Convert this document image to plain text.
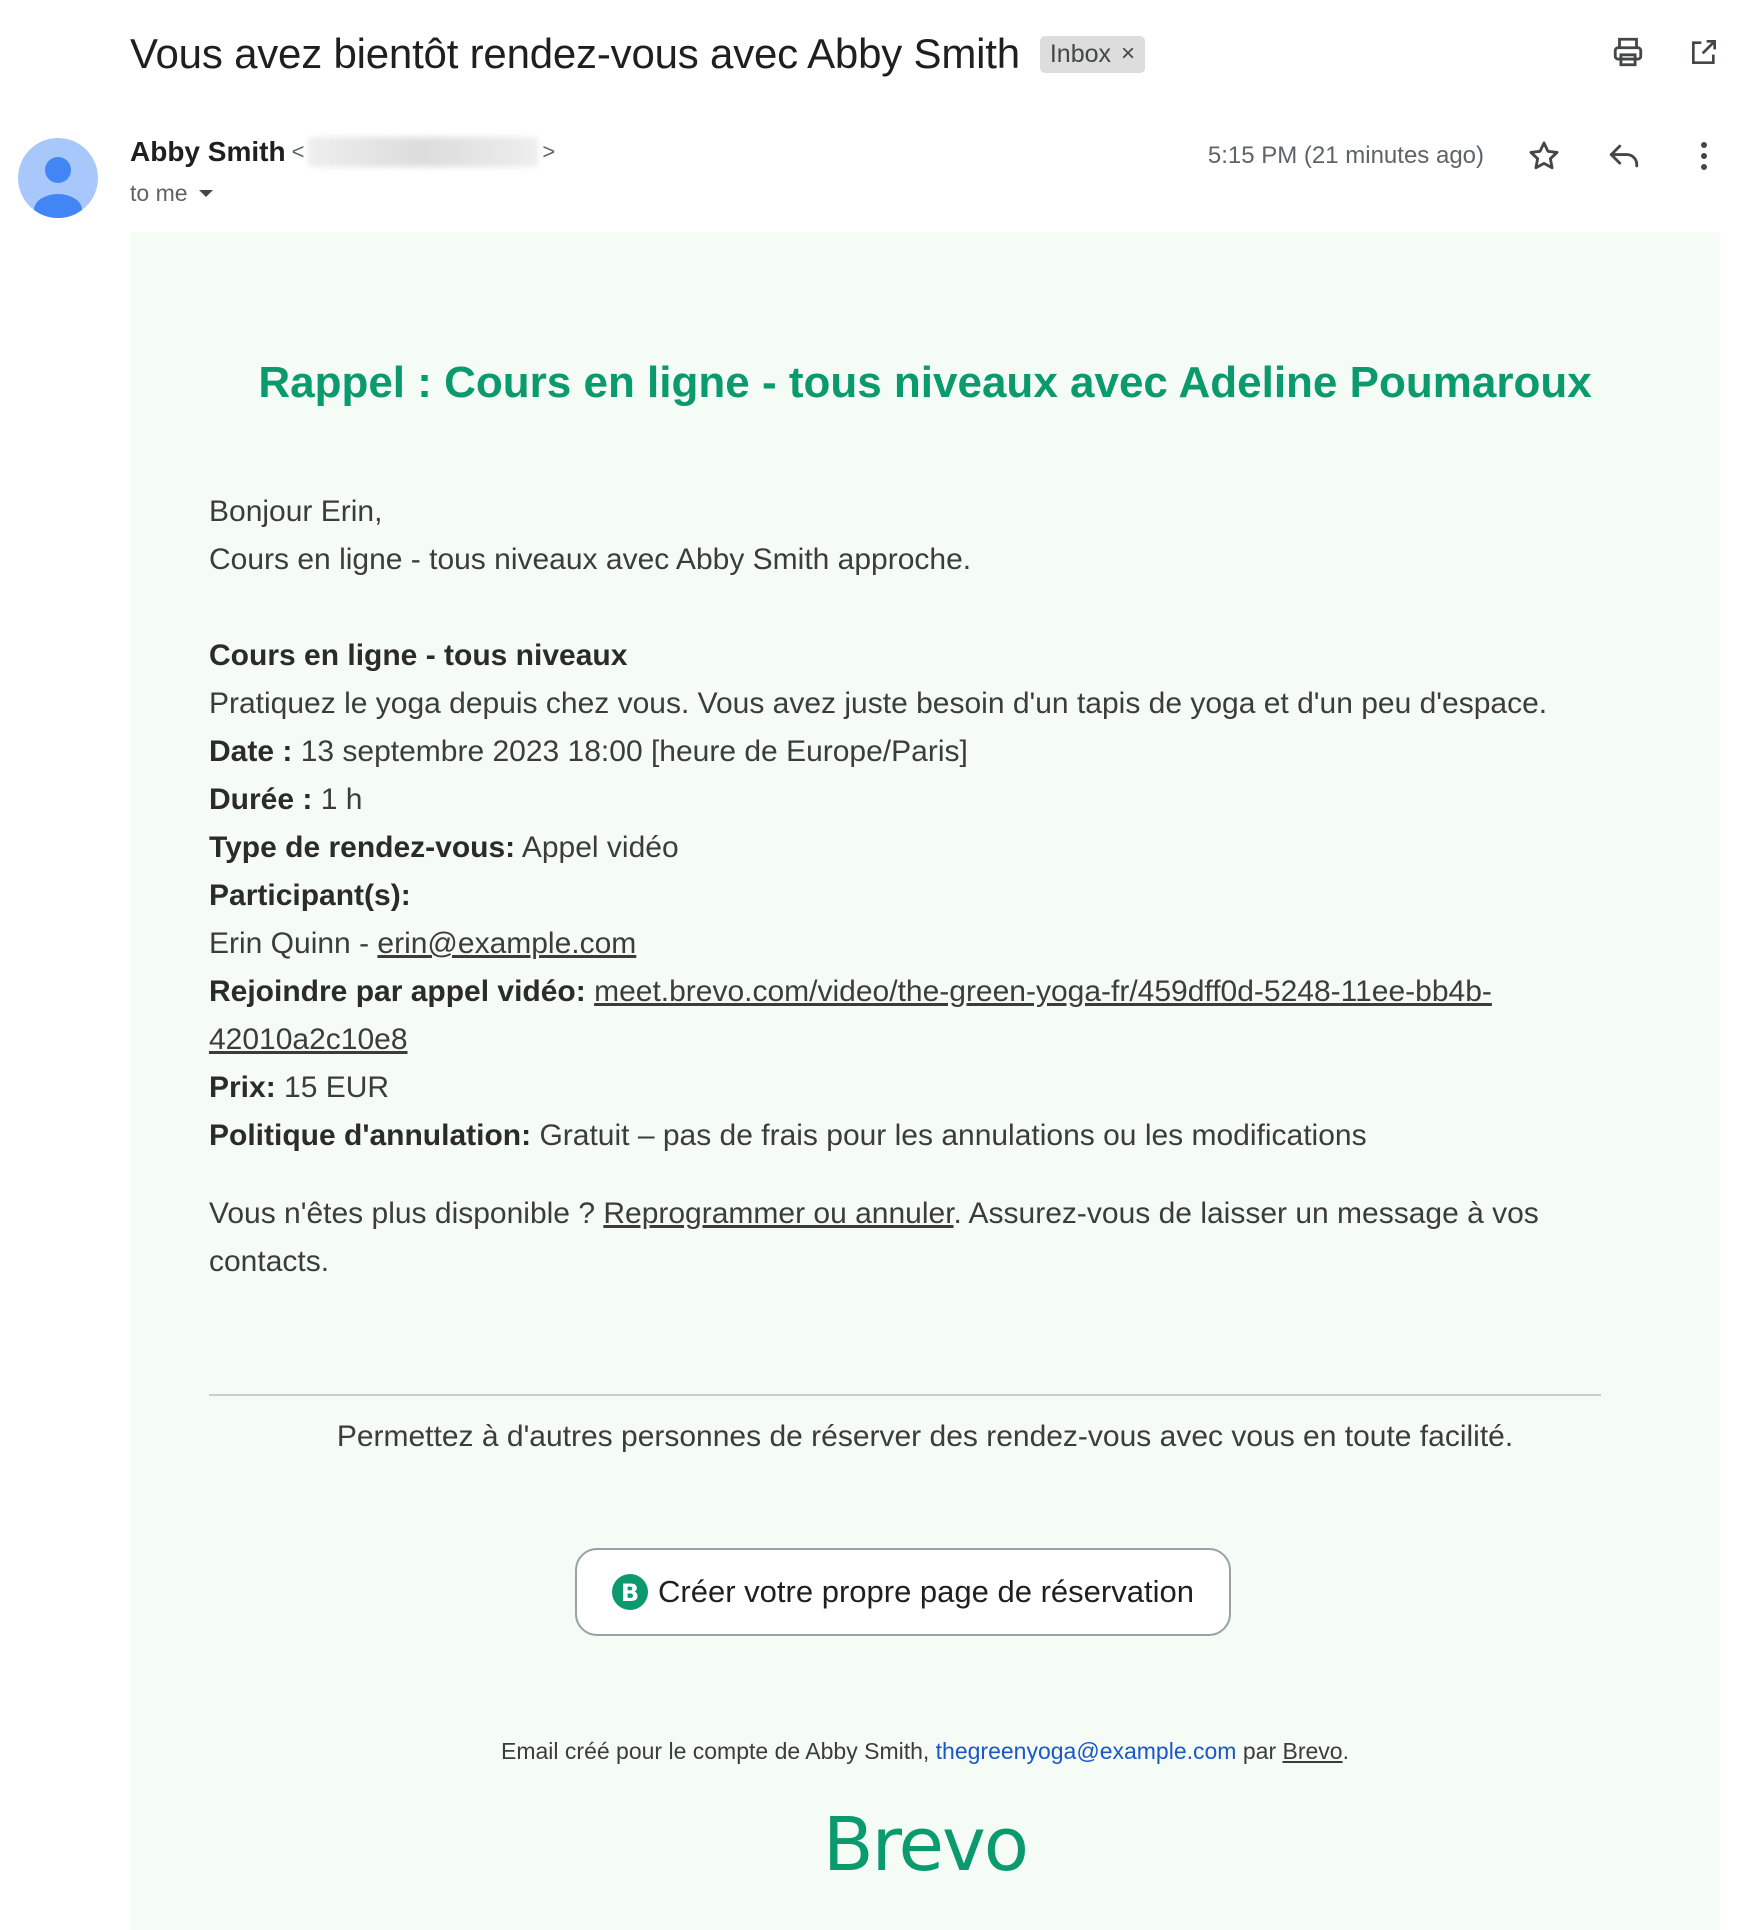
Vous avez bientôt rendez-vous avec Abby Smith Inbox ×
Abby Smith <	>
to me
5:15 PM (21 minutes ago)
Rappel : Cours en ligne - tous niveaux avec Adeline Poumaroux

Bonjour Erin,

Cours en ligne - tous niveaux avec Abby Smith approche.

Cours en ligne - tous niveaux

Pratiquez le yoga depuis chez vous. Vous avez juste besoin d'un tapis de yoga et d'un peu d'espace.

Date : 13 septembre 2023 18:00 [heure de Europe/Paris]

Durée : 1 h

Type de rendez-vous: Appel vidéo

Participant(s):

Erin Quinn - erin@example.com

Rejoindre par appel vidéo: meet.brevo.com/video/the-green-yoga-fr/459dff0d-5248-11ee-bb4b-42010a2c10e8

Prix: 15 EUR

Politique d'annulation: Gratuit – pas de frais pour les annulations ou les modifications

Vous n'êtes plus disponible ? Reprogrammer ou annuler. Assurez-vous de laisser un message à vos contacts.

Permettez à d'autres personnes de réserver des rendez-vous avec vous en toute facilité.
B Créer votre propre page de réservation
Email créé pour le compte de Abby Smith, thegreenyoga@example.com par Brevo.
Brevo
